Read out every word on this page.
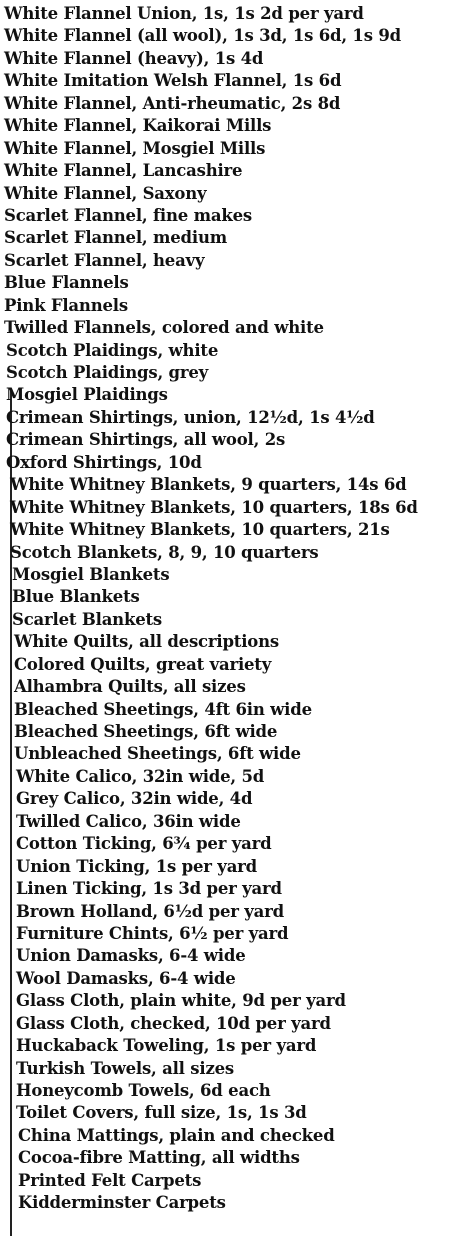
White Flannel Union, 1s, 1s 2d per yard
White Flannel (all wool), 1s 3d, 1s 6d, 1s 9d
White Flannel (heavy), 1s 4d
White Imitation Welsh Flannel, 1s 6d
White Flannel, Anti-rheumatic, 2s 8d
White Flannel, Kaikorai Mills
White Flannel, Mosgiel Mills
White Flannel, Lancashire
White Flannel, Saxony
Scarlet Flannel, fine makes
Scarlet Flannel, medium
Scarlet Flannel, heavy
Blue Flannels
Pink Flannels
Twilled Flannels, colored and white
Scotch Plaidings, white
Scotch Plaidings, grey
Mosgiel Plaidings
Crimean Shirtings, union, 12½d, 1s 4½d
Crimean Shirtings, all wool, 2s
Oxford Shirtings, 10d
White Whitney Blankets, 9 quarters, 14s 6d
White Whitney Blankets, 10 quarters, 18s 6d
White Whitney Blankets, 10 quarters, 21s
Scotch Blankets, 8, 9, 10 quarters
Mosgiel Blankets
Blue Blankets
Scarlet Blankets
White Quilts, all descriptions
Colored Quilts, great variety
Alhambra Quilts, all sizes
Bleached Sheetings, 4ft 6in wide
Bleached Sheetings, 6ft wide
Unbleached Sheetings, 6ft wide
White Calico, 32in wide, 5d
Grey Calico, 32in wide, 4d
Twilled Calico, 36in wide
Cotton Ticking, 6¾ per yard
Union Ticking, 1s per yard
Linen Ticking, 1s 3d per yard
Brown Holland, 6½d per yard
Furniture Chints, 6½ per yard
Union Damasks, 6-4 wide
Wool Damasks, 6-4 wide
Glass Cloth, plain white, 9d per yard
Glass Cloth, checked, 10d per yard
Huckaback Toweling, 1s per yard
Turkish Towels, all sizes
Honeycomb Towels, 6d each
Toilet Covers, full size, 1s, 1s 3d
China Mattings, plain and checked
Cocoa-fibre Matting, all widths
Printed Felt Carpets
Kidderminster Carpets
